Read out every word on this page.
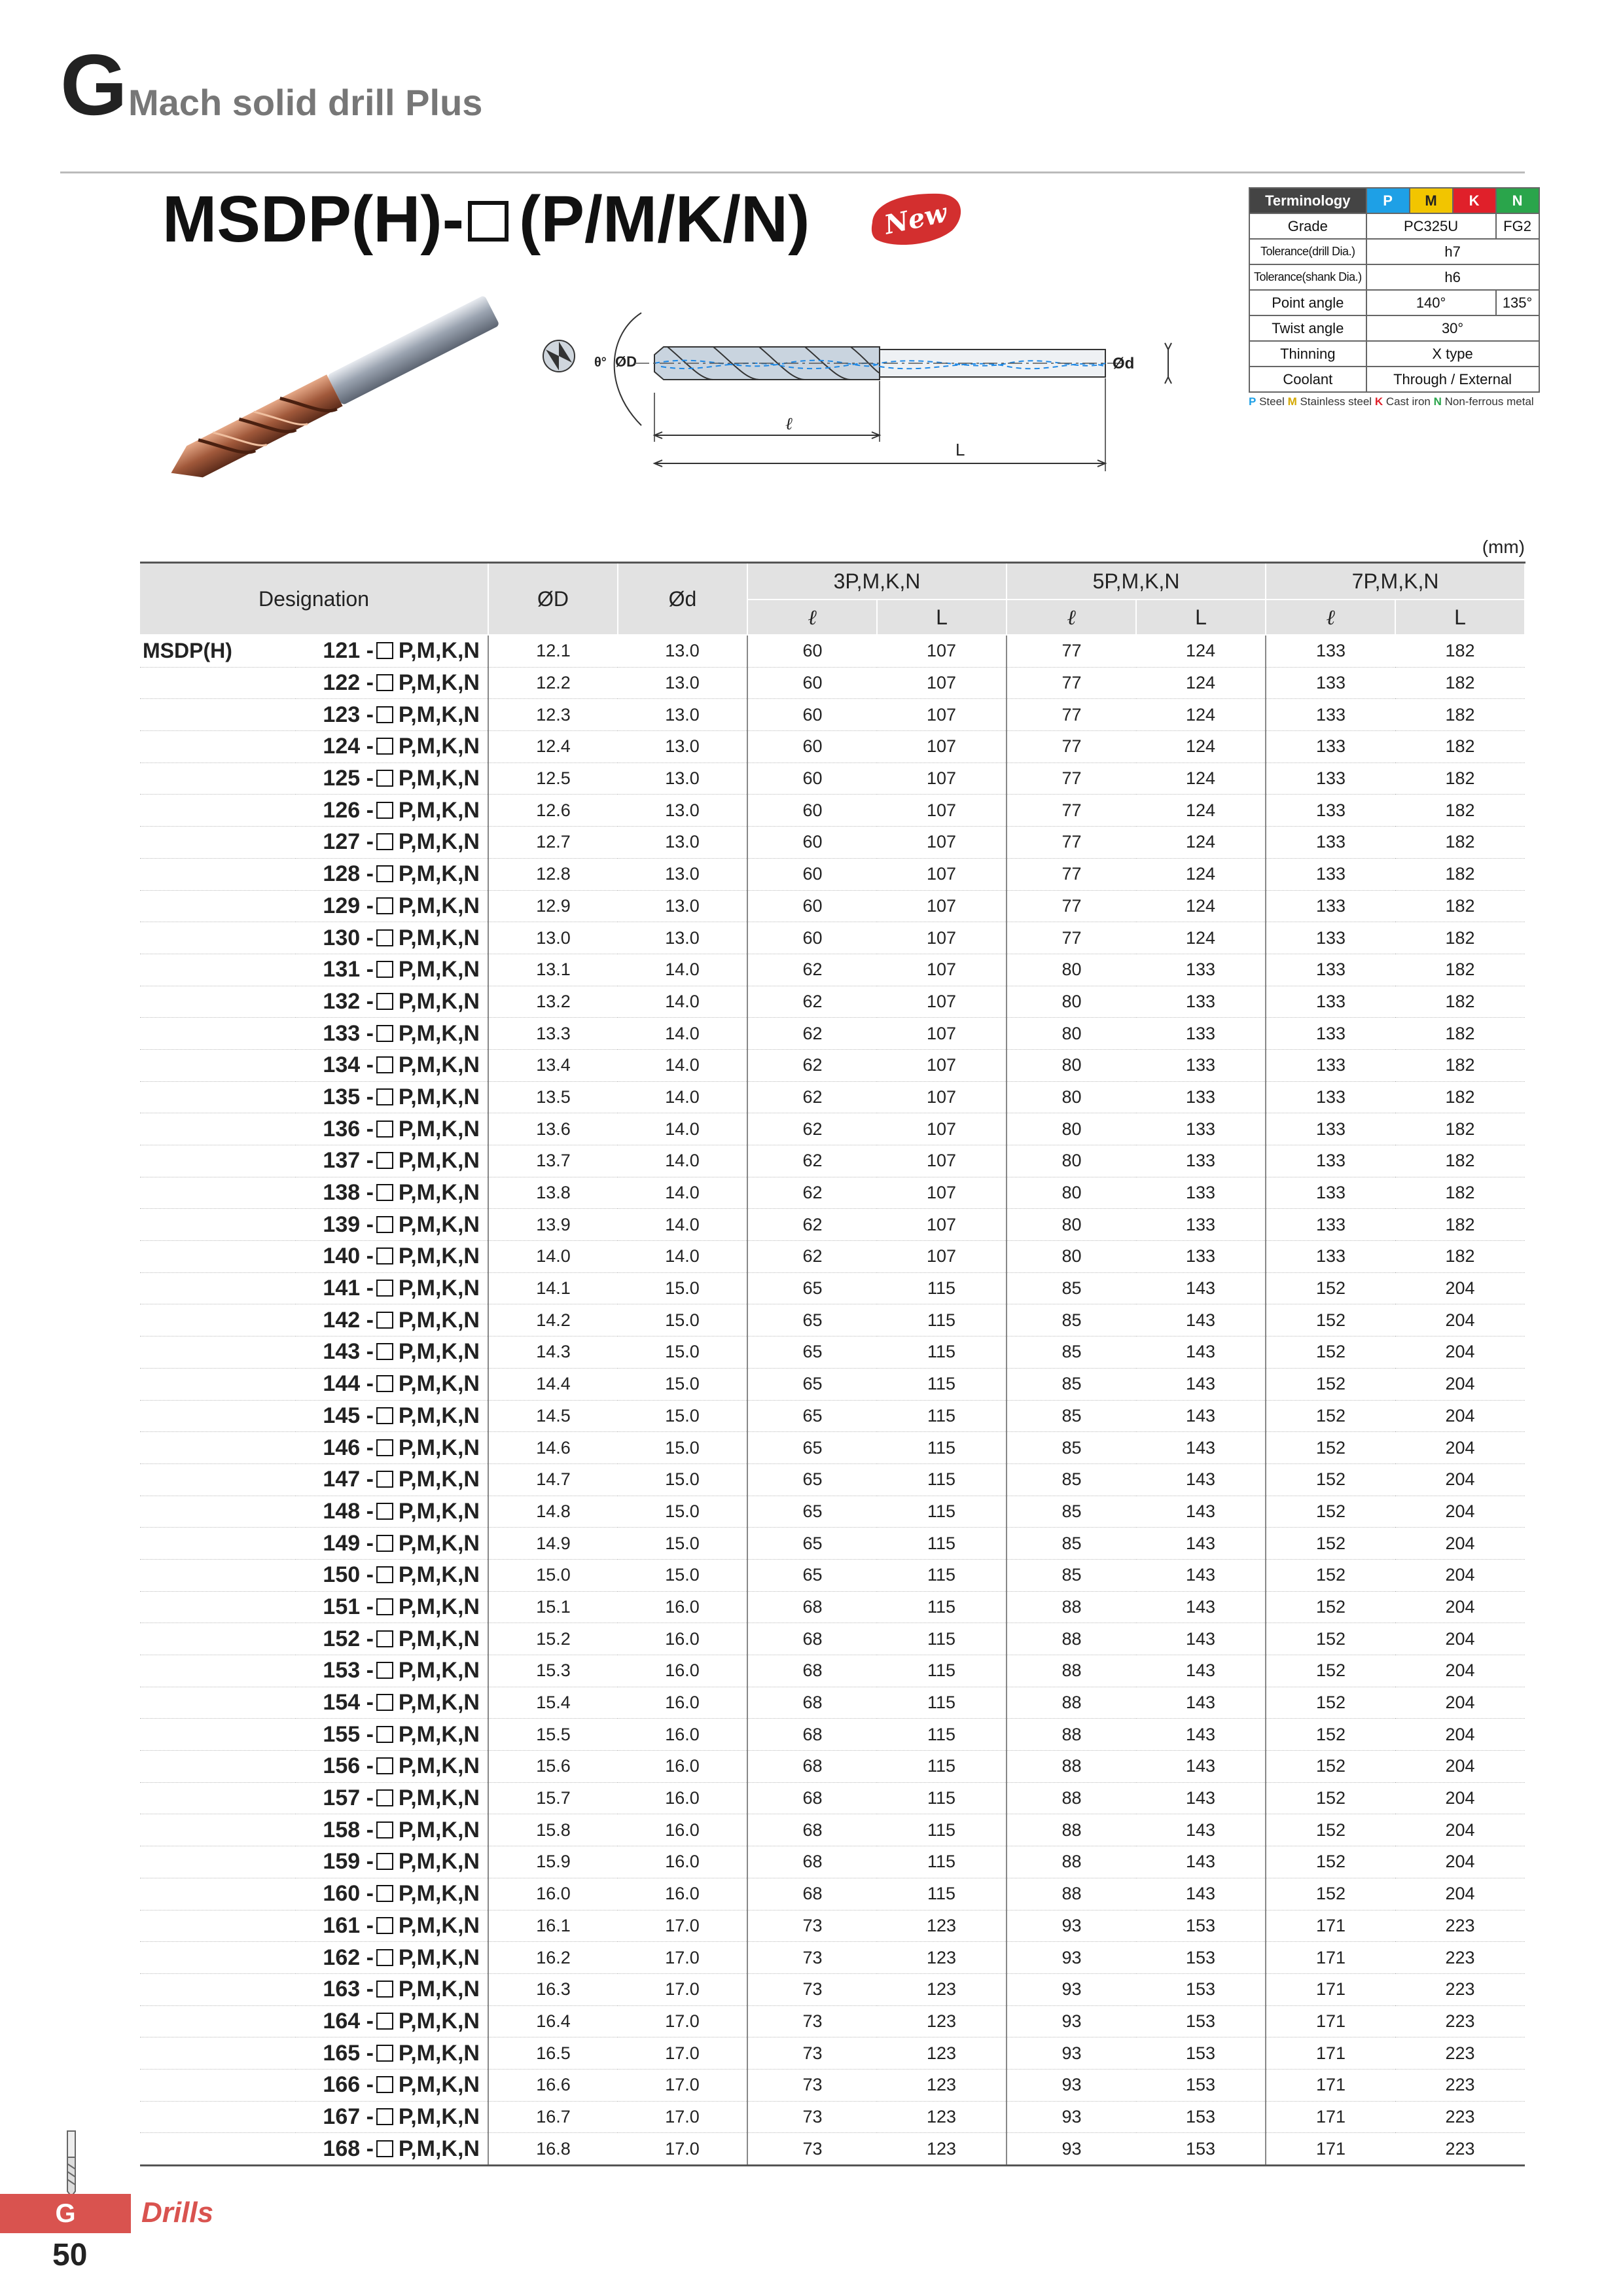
G Mach solid drill Plus
MSDP(H)- (P/M/K/N)	New	Terminology	P	M	K	N
Grade	PC325U			FG2
Tolerance(drill Dia.)	h7			
Tolerance(shank Dia.)	h6			
Point angle	140°			135°
Twist angle	30°			
Thinning	X type			
Coolant	Through / External			
P Steel M Stainless steel K Cast iron N Non-ferrous metal
θ° ØD	Ød
ℓ
L
(mm)
Designation		ØD	Ød	3P,M,K,N		5P,M,K,N		7P,M,K,N	
				ℓ	L	ℓ	L	ℓ	L
MSDP(H)	121 - P,M,K,N	12.1	13.0	60	107	77	124	133	182
	122 - P,M,K,N	12.2	13.0	60	107	77	124	133	182
	123 - P,M,K,N	12.3	13.0	60	107	77	124	133	182
	124 - P,M,K,N	12.4	13.0	60	107	77	124	133	182
	125 - P,M,K,N	12.5	13.0	60	107	77	124	133	182
	126 - P,M,K,N	12.6	13.0	60	107	77	124	133	182
	127 - P,M,K,N	12.7	13.0	60	107	77	124	133	182
	128 - P,M,K,N	12.8	13.0	60	107	77	124	133	182
	129 - P,M,K,N	12.9	13.0	60	107	77	124	133	182
	130 - P,M,K,N	13.0	13.0	60	107	77	124	133	182
	131 - P,M,K,N	13.1	14.0	62	107	80	133	133	182
	132 - P,M,K,N	13.2	14.0	62	107	80	133	133	182
	133 - P,M,K,N	13.3	14.0	62	107	80	133	133	182
	134 - P,M,K,N	13.4	14.0	62	107	80	133	133	182
	135 - P,M,K,N	13.5	14.0	62	107	80	133	133	182
	136 - P,M,K,N	13.6	14.0	62	107	80	133	133	182
	137 - P,M,K,N	13.7	14.0	62	107	80	133	133	182
	138 - P,M,K,N	13.8	14.0	62	107	80	133	133	182
	139 - P,M,K,N	13.9	14.0	62	107	80	133	133	182
	140 - P,M,K,N	14.0	14.0	62	107	80	133	133	182
	141 - P,M,K,N	14.1	15.0	65	115	85	143	152	204
	142 - P,M,K,N	14.2	15.0	65	115	85	143	152	204
	143 - P,M,K,N	14.3	15.0	65	115	85	143	152	204
	144 - P,M,K,N	14.4	15.0	65	115	85	143	152	204
	145 - P,M,K,N	14.5	15.0	65	115	85	143	152	204
	146 - P,M,K,N	14.6	15.0	65	115	85	143	152	204
	147 - P,M,K,N	14.7	15.0	65	115	85	143	152	204
	148 - P,M,K,N	14.8	15.0	65	115	85	143	152	204
	149 - P,M,K,N	14.9	15.0	65	115	85	143	152	204
	150 - P,M,K,N	15.0	15.0	65	115	85	143	152	204
	151 - P,M,K,N	15.1	16.0	68	115	88	143	152	204
	152 - P,M,K,N	15.2	16.0	68	115	88	143	152	204
	153 - P,M,K,N	15.3	16.0	68	115	88	143	152	204
	154 - P,M,K,N	15.4	16.0	68	115	88	143	152	204
	155 - P,M,K,N	15.5	16.0	68	115	88	143	152	204
	156 - P,M,K,N	15.6	16.0	68	115	88	143	152	204
	157 - P,M,K,N	15.7	16.0	68	115	88	143	152	204
	158 - P,M,K,N	15.8	16.0	68	115	88	143	152	204
	159 - P,M,K,N	15.9	16.0	68	115	88	143	152	204
	160 - P,M,K,N	16.0	16.0	68	115	88	143	152	204
	161 - P,M,K,N	16.1	17.0	73	123	93	153	171	223
	162 - P,M,K,N	16.2	17.0	73	123	93	153	171	223
	163 - P,M,K,N	16.3	17.0	73	123	93	153	171	223
	164 - P,M,K,N	16.4	17.0	73	123	93	153	171	223
	165 - P,M,K,N	16.5	17.0	73	123	93	153	171	223
	166 - P,M,K,N	16.6	17.0	73	123	93	153	171	223
	167 - P,M,K,N	16.7	17.0	73	123	93	153	171	223
	168 - P,M,K,N	16.8	17.0	73	123	93	153	171	223
G	Drills
50
